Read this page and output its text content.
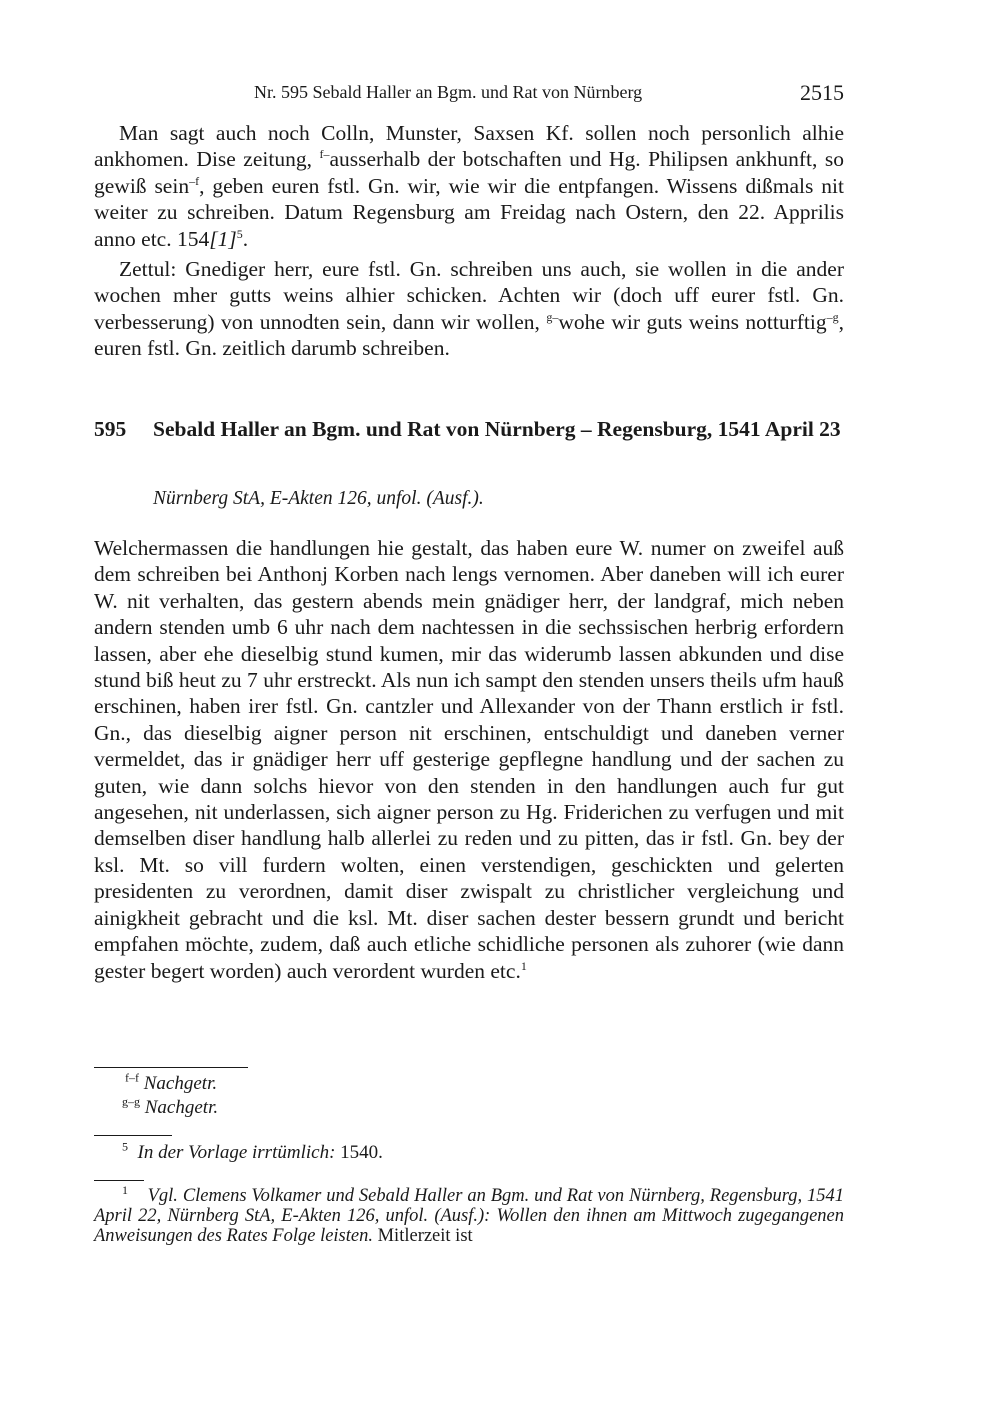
Nr. 595 Sebald Haller an Bgm. und Rat von Nürnberg	2515

Man sagt auch noch Colln, Munster, Saxsen Kf. sollen noch personlich alhie ankhomen. Dise zeitung, $^{f-}$ausserhalb der botschaften und Hg. Philipsen ankhunft, so gewiß sein$^{-f}$, geben euren fstl. Gn. wir, wie wir die entpfangen. Wissens dißmals nit weiter zu schreiben. Datum Regensburg am Freidag nach Ostern, den 22. Apprilis anno etc. $154[1]^5$.

Zettul: Gnediger herr, eure fstl. Gn. schreiben uns auch, sie wollen in die ander wochen mher gutts weins alhier schicken. Achten wir (doch uff eurer fstl. Gn. verbesserung) von unnodten sein, dann wir wollen, $^{g-}$wohe wir guts weins notturftig$^{-g}$, euren fstl. Gn. zeitlich darumb schreiben.

595 Sebald Haller an Bgm. und Rat von Nürnberg – Regensburg, 1541 April 23
Nürnberg StA, E-Akten 126, unfol. (Ausf.).

Welchermassen die handlungen hie gestalt, das haben eure W. numer on zweifel auß dem schreiben bei Anthonj Korben nach lengs vernomen. Aber daneben will ich eurer W. nit verhalten, das gestern abends mein gnädiger herr, der landgraf, mich neben andern stenden umb 6 uhr nach dem nachtessen in die sechssischen herbrig erfordern lassen, aber ehe dieselbig stund kumen, mir das widerumb lassen abkunden und dise stund biß heut zu 7 uhr erstreckt. Als nun ich sampt den stenden unsers theils ufm hauß erschinen, haben irer fstl. Gn. cantzler und Allexander von der Thann erstlich ir fstl. Gn., das dieselbig aigner person nit erschinen, entschuldigt und daneben verner vermeldet, das ir gnädiger herr uff gesterige gepflegne handlung und der sachen zu guten, wie dann solchs hievor von den stenden in den handlungen auch fur gut angesehen, nit underlassen, sich aigner person zu Hg. Friderichen zu verfugen und mit demselben diser handlung halb allerlei zu reden und zu pitten, das ir fstl. Gn. bey der ksl. Mt. so vill furdern wolten, einen verstendigen, geschickten und gelerten presidenten zu verordnen, damit diser zwispalt zu christlicher vergleichung und ainigkheit gebracht und die ksl. Mt. diser sachen dester bessern grundt und bericht empfahen möchte, zudem, daß auch etliche schidliche personen als zuhorer (wie dann gester begert worden) auch verordent wurden etc.$^1$

$^{f-f}$ Nachgetr.
$^{g-g}$ Nachgetr.
$^5$ In der Vorlage irrtümlich: 1540.
$^1$ Vgl. Clemens Volkamer und Sebald Haller an Bgm. und Rat von Nürnberg, Regensburg, 1541 April 22, Nürnberg StA, E-Akten 126, unfol. (Ausf.): Wollen den ihnen am Mittwoch zugegangenen Anweisungen des Rates Folge leisten. Mitlerzeit ist
